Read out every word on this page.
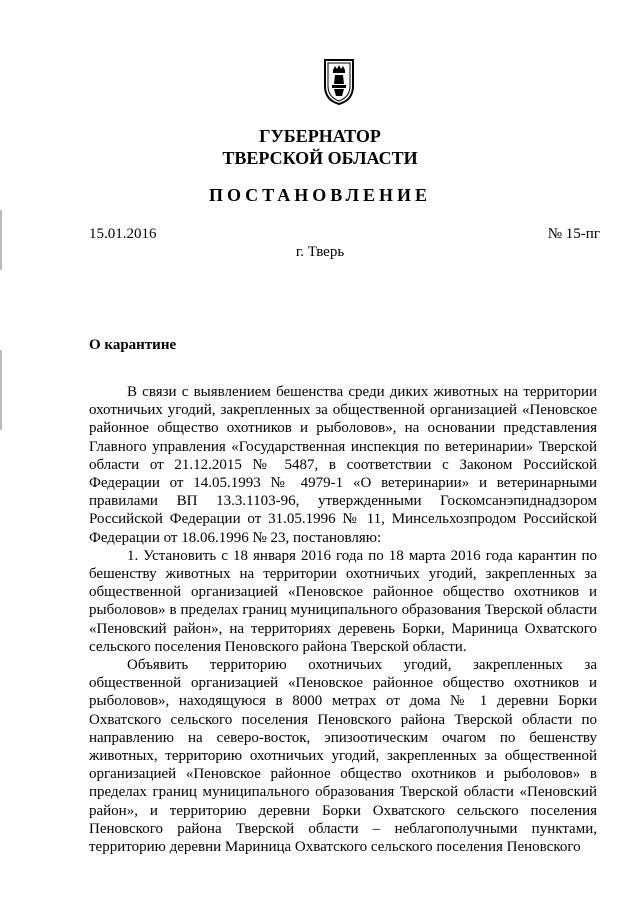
ГУБЕРНАТОР
ТВЕРСКОЙ ОБЛАСТИ
ПОСТАНОВЛЕНИЕ
15.01.2016	№ 15-пг
г. Тверь
О карантине

В связи с выявлением бешенства среди диких животных на территории охотничьих угодий, закрепленных за общественной организацией «Пеновское районное общество охотников и рыболовов», на основании представления Главного управления «Государственная инспекция по ветеринарии» Тверской области от 21.12.2015 № 5487, в соответствии с Законом Российской Федерации от 14.05.1993 № 4979-1 «О ветеринарии» и ветеринарными правилами ВП 13.3.1103-96, утвержденными Госкомсанэпиднадзором Российской Федерации от 31.05.1996 № 11, Минсельхозпродом Российской Федерации от 18.06.1996 № 23, постановляю:

1. Установить с 18 января 2016 года по 18 марта 2016 года карантин по бешенству животных на территории охотничьих угодий, закрепленных за общественной организацией «Пеновское районное общество охотников и рыболовов» в пределах границ муниципального образования Тверской области «Пеновский район», на территориях деревень Борки, Мариница Охватского сельского поселения Пеновского района Тверской области.

Объявить территорию охотничьих угодий, закрепленных за общественной организацией «Пеновское районное общество охотников и рыболовов», находящуюся в 8000 метрах от дома № 1 деревни Борки Охватского сельского поселения Пеновского района Тверской области по направлению на северо-восток, эпизоотическим очагом по бешенству животных, территорию охотничьих угодий, закрепленных за общественной организацией «Пеновское районное общество охотников и рыболовов» в пределах границ муниципального образования Тверской области «Пеновский район», и территорию деревни Борки Охватского сельского поселения Пеновского района Тверской области – неблагополучными пунктами, территорию деревни Мариница Охватского сельского поселения Пеновского
